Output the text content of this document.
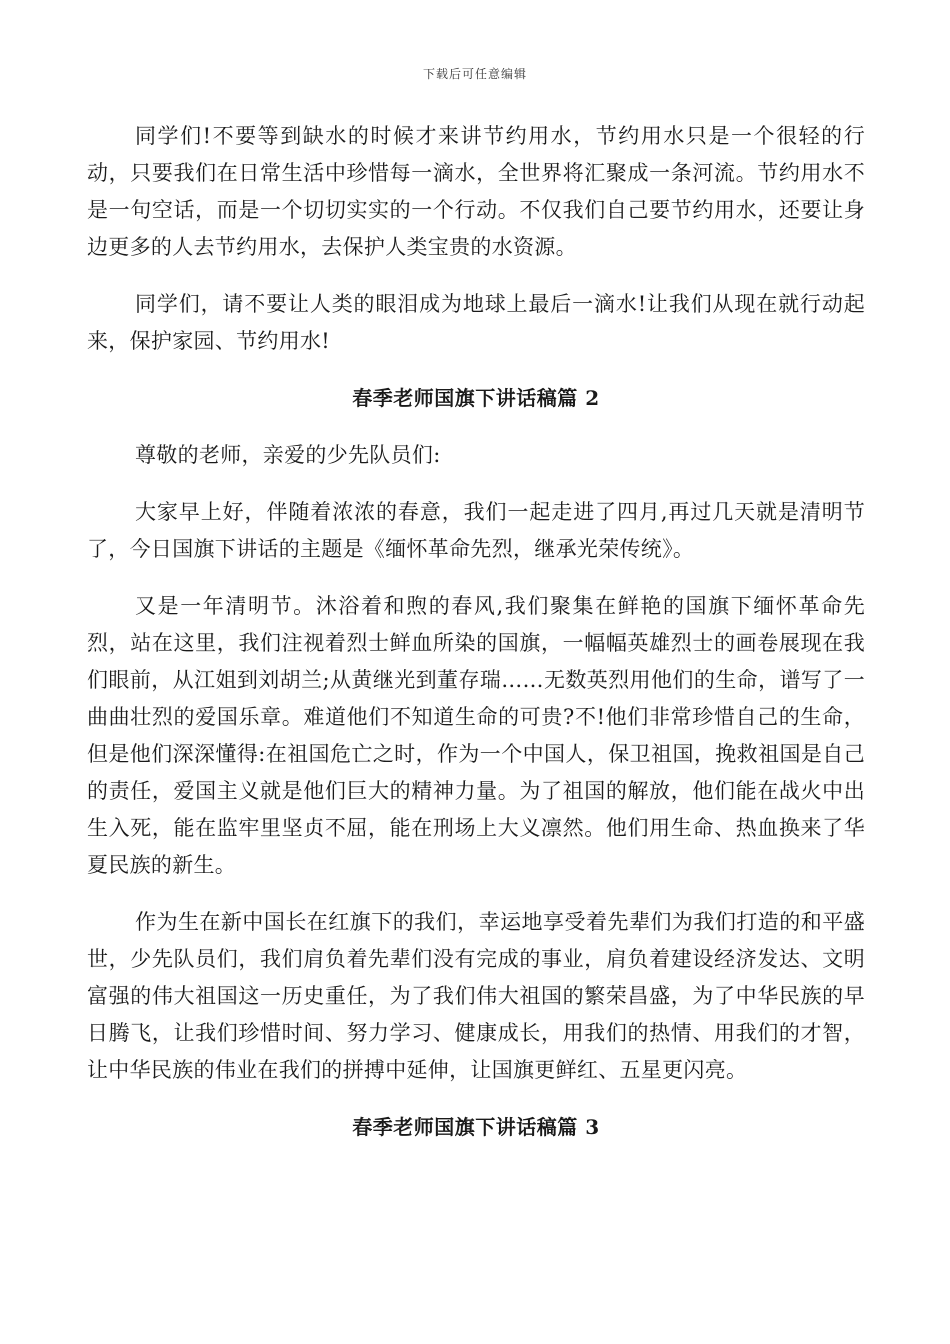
下载后可任意编辑

同学们!不要等到缺水的时候才来讲节约用水，节约用水只是一个很轻的行动，只要我们在日常生活中珍惜每一滴水，全世界将汇聚成一条河流。节约用水不是一句空话，而是一个切切实实的一个行动。不仅我们自己要节约用水，还要让身边更多的人去节约用水，去保护人类宝贵的水资源。

同学们，请不要让人类的眼泪成为地球上最后一滴水!让我们从现在就行动起来，保护家园、节约用水!

春季老师国旗下讲话稿篇 2

尊敬的老师，亲爱的少先队员们:

大家早上好，伴随着浓浓的春意，我们一起走进了四月,再过几天就是清明节了，今日国旗下讲话的主题是《缅怀革命先烈，继承光荣传统》。

又是一年清明节。沐浴着和煦的春风,我们聚集在鲜艳的国旗下缅怀革命先烈，站在这里，我们注视着烈士鲜血所染的国旗，一幅幅英雄烈士的画卷展现在我们眼前，从江姐到刘胡兰;从黄继光到董存瑞……无数英烈用他们的生命，谱写了一曲曲壮烈的爱国乐章。难道他们不知道生命的可贵?不!他们非常珍惜自己的生命，但是他们深深懂得:在祖国危亡之时，作为一个中国人，保卫祖国，挽救祖国是自己的责任，爱国主义就是他们巨大的精神力量。为了祖国的解放，他们能在战火中出生入死，能在监牢里坚贞不屈，能在刑场上大义凛然。他们用生命、热血换来了华夏民族的新生。

作为生在新中国长在红旗下的我们，幸运地享受着先辈们为我们打造的和平盛世，少先队员们，我们肩负着先辈们没有完成的事业，肩负着建设经济发达、文明富强的伟大祖国这一历史重任，为了我们伟大祖国的繁荣昌盛，为了中华民族的早日腾飞，让我们珍惜时间、努力学习、健康成长，用我们的热情、用我们的才智，让中华民族的伟业在我们的拼搏中延伸，让国旗更鲜红、五星更闪亮。

春季老师国旗下讲话稿篇 3
